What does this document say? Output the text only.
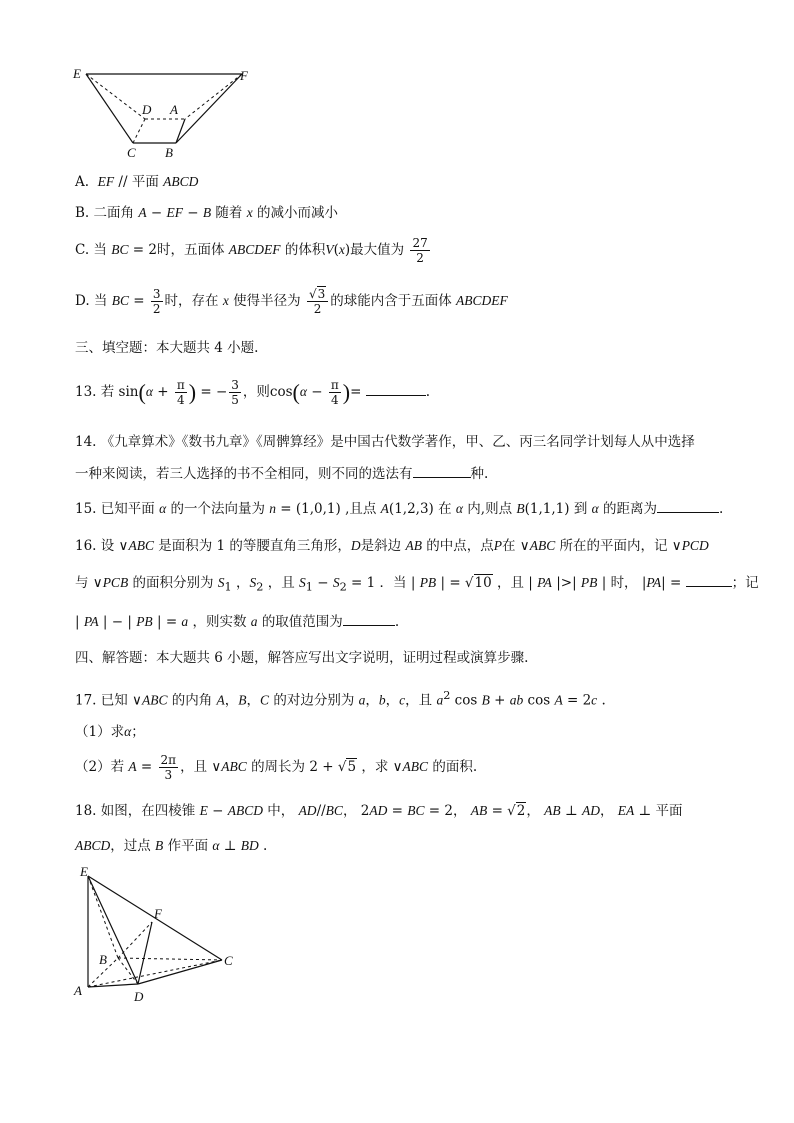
E	F
D A
C B
A. EF // 平面 ABCD
B. 二面角 A − EF − B 随着 x 的减小而减小
C. 当 BC = 2时，五面体 ABCDEF 的体积V(x)最大值为 $\frac{27}{2}$
D. 当 BC = $\frac{3}{2}$ 时，存在 x 使得半径为 $\frac{√3}{2}$ 的球能内含于五面体 ABCDEF
三、填空题：本大题共 4 小题.
13. 若 $\sin(\alpha + \frac{\pi}{4}$ ) = − $\frac{3}{5}$ ，则$\cos(\alpha - \frac{\pi}{4}$ )=	.
14. 《九章算术》《数书九章》《周髀算经》是中国古代数学著作，甲、乙、丙三名同学计划每人从中选择
一种来阅读，若三人选择的书不全相同，则不同的选法有	种.
15. 已知平面 α 的一个法向量为 n = (1,0,1) ,且点 A(1,2,3) 在 α 内,则点 B(1,1,1) 到 α 的距离为	.
16. 设 ∨ABC 是面积为 1 的等腰直角三角形，D是斜边 AB 的中点，点P在 ∨ABC 所在的平面内，记 ∨PCD
与 ∨PCB 的面积分别为 $S_1$ ，$S_2$ ，且 $S_1 - S_2 = 1$ ．当 | PB | = √10 ，且 | PA |>| PB | 时， |PA| =	；记
| PA | − | PB | = a ，则实数 a 的取值范围为	.
四、解答题：本大题共 6 小题，解答应写出文字说明，证明过程或演算步骤.
17. 已知 ∨ABC 的内角 A，B，C 的对边分别为 a，b，c，且 $a^2$ cos B + ab cos A = 2c .
（1）求α；
（2）若 $A = \frac{2\pi}{3}$ ，且 ∨ABC 的周长为 2 + √5 ，求 ∨ABC 的面积.
18. 如图，在四棱锥 E − ABCD 中， AD//BC， 2AD = BC = 2， AB = √2， AB ⊥ AD， EA ⊥ 平面
ABCD，过点 B 作平面 α ⊥ BD .
E
F
B	C
A	D
